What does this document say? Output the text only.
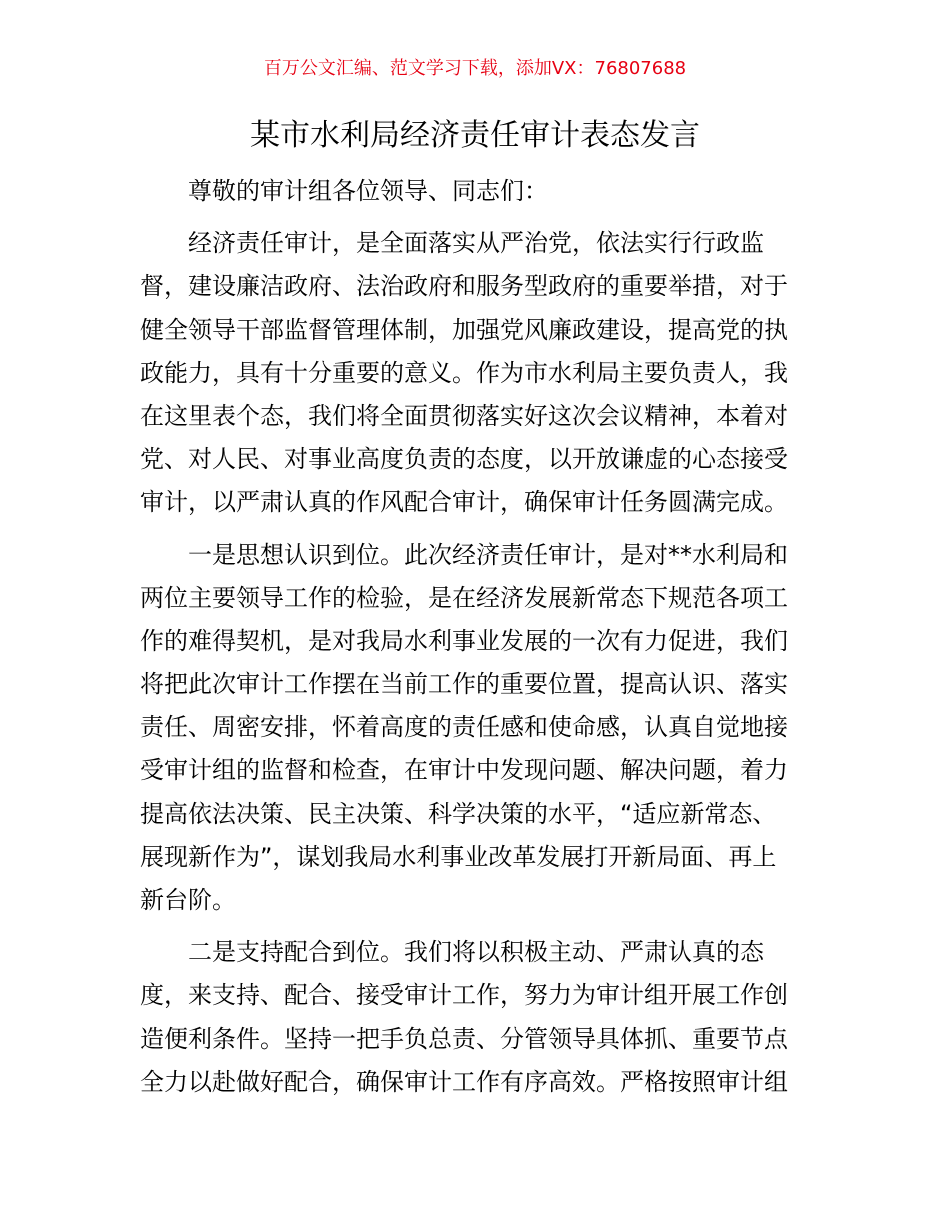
百万公文汇编、范文学习下载，添加VX：76807688
某市水利局经济责任审计表态发言
尊敬的审计组各位领导、同志们：
经济责任审计，是全面落实从严治党，依法实行行政监
督，建设廉洁政府、法治政府和服务型政府的重要举措，对于
健全领导干部监督管理体制，加强党风廉政建设，提高党的执
政能力，具有十分重要的意义。作为市水利局主要负责人，我
在这里表个态，我们将全面贯彻落实好这次会议精神，本着对
党、对人民、对事业高度负责的态度，以开放谦虚的心态接受
审计，以严肃认真的作风配合审计，确保审计任务圆满完成。
一是思想认识到位。此次经济责任审计，是对**水利局和
两位主要领导工作的检验，是在经济发展新常态下规范各项工
作的难得契机，是对我局水利事业发展的一次有力促进，我们
将把此次审计工作摆在当前工作的重要位置，提高认识、落实
责任、周密安排，怀着高度的责任感和使命感，认真自觉地接
受审计组的监督和检查，在审计中发现问题、解决问题，着力
提高依法决策、民主决策、科学决策的水平，“适应新常态、
展现新作为”，谋划我局水利事业改革发展打开新局面、再上
新台阶。
二是支持配合到位。我们将以积极主动、严肃认真的态
度，来支持、配合、接受审计工作，努力为审计组开展工作创
造便利条件。坚持一把手负总责、分管领导具体抓、重要节点
全力以赴做好配合，确保审计工作有序高效。严格按照审计组
